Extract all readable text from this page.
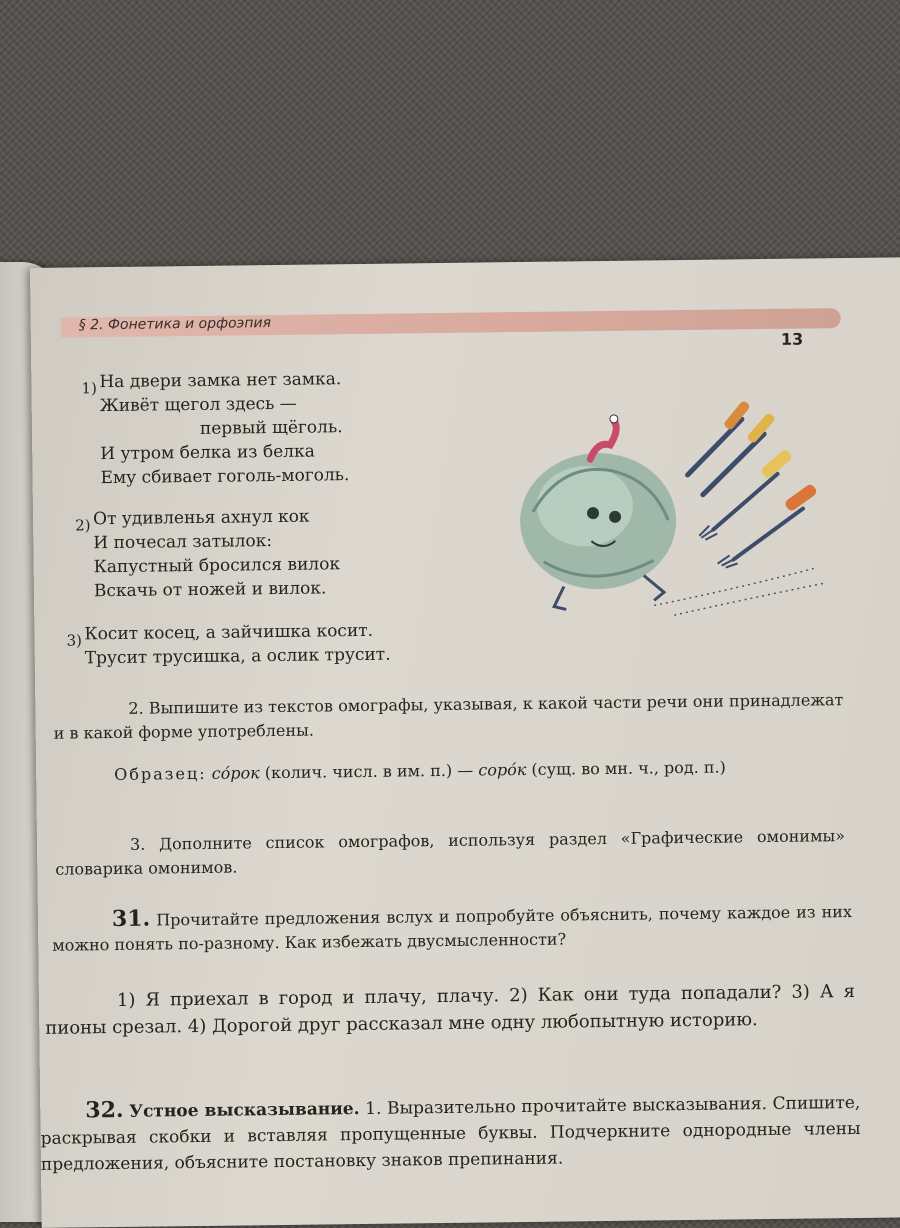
§ 2. Фонетика и орфоэпия
13
1) На двери замка нет замка.
Живёт щегол здесь —
первый щёголь.
И утром белка из белка
Ему сбивает гоголь-моголь.
2) От удивленья ахнул кок
И почесал затылок:
Капустный бросился вилок
Вскачь от ножей и вилок.
3) Косит косец, а зайчишка косит.
Трусит трусишка, а ослик трусит.
2. Выпишите из текстов омографы, указывая, к какой части речи они принадлежат и в какой форме употреблены.
Образец: сóрок (колич. числ. в им. п.) — сорóк (сущ. во мн. ч., род. п.)
3. Дополните список омографов, используя раздел «Графические омонимы» словарика омонимов.
31. Прочитайте предложения вслух и попробуйте объяснить, почему каждое из них можно понять по-разному. Как избежать двусмысленности?
1) Я приехал в город и плачу, плачу. 2) Как они туда попадали? 3) А я пионы срезал. 4) Дорогой друг рассказал мне одну любопытную историю.
32. Устное высказывание. 1. Выразительно прочитайте высказывания. Спишите, раскрывая скобки и вставляя пропущенные буквы. Подчеркните однородные члены предложения, объясните постановку знаков препинания.
